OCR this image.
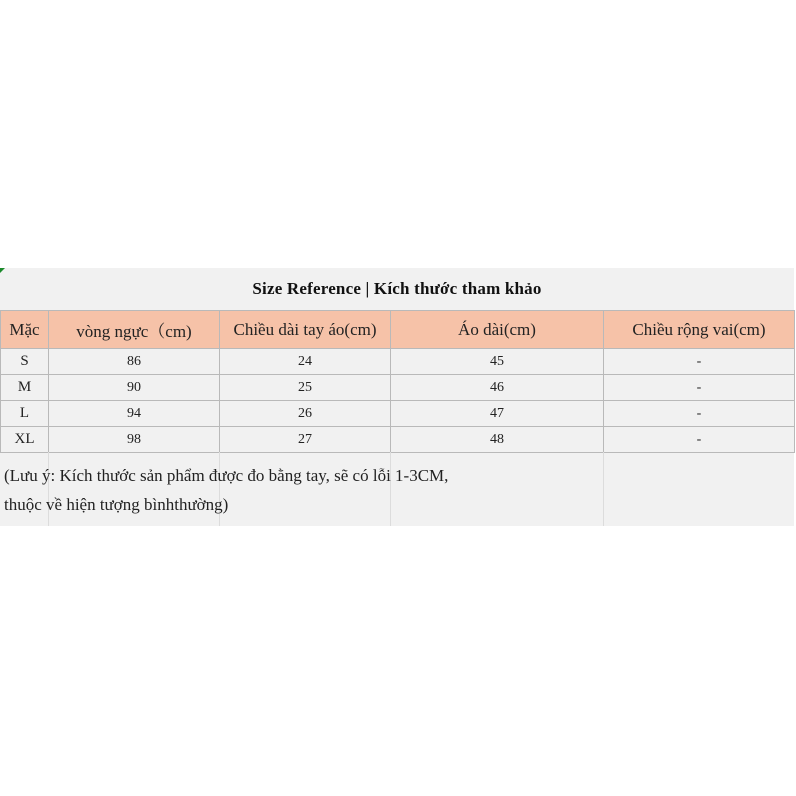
Size Reference | Kích thước tham khảo
Mặc	vòng ngực（cm)	Chiều dài tay áo(cm)	Áo dài(cm)	Chiều rộng vai(cm)
S	86	24	45	-
M	90	25	46	-
L	94	26	47	-
XL	98	27	48	-
(Lưu ý: Kích thước sản phẩm được đo bằng tay, sẽ có lỗi 1-3CM,
thuộc về hiện tượng bìnhthường)
